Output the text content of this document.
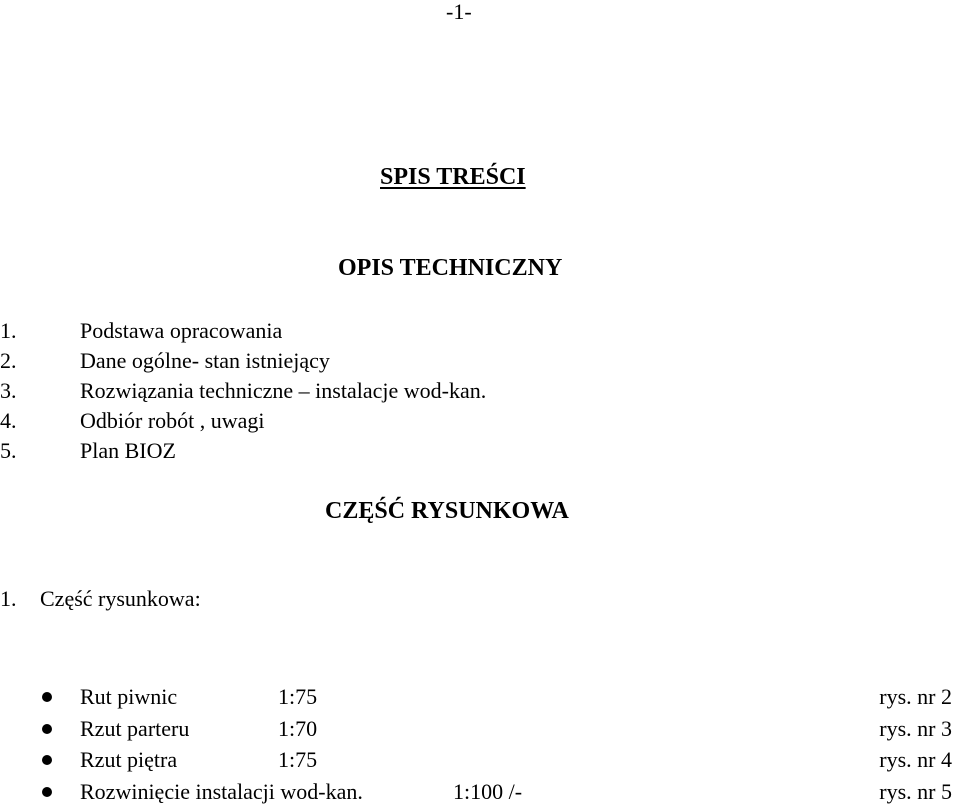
-1-
SPIS TREŚCI
OPIS TECHNICZNY
1.	Podstawa opracowania
2.	Dane ogólne- stan istniejący
3.	Rozwiązania techniczne – instalacje wod-kan.
4.	Odbiór robót , uwagi
5.	Plan BIOZ
CZĘŚĆ RYSUNKOWA
1. Część rysunkowa:
Rut piwnic	1:75	rys. nr 2
Rzut parteru	1:70	rys. nr 3
Rzut piętra	1:75	rys. nr 4
Rozwinięcie instalacji wod-kan.	1:100 /-	rys. nr 5
